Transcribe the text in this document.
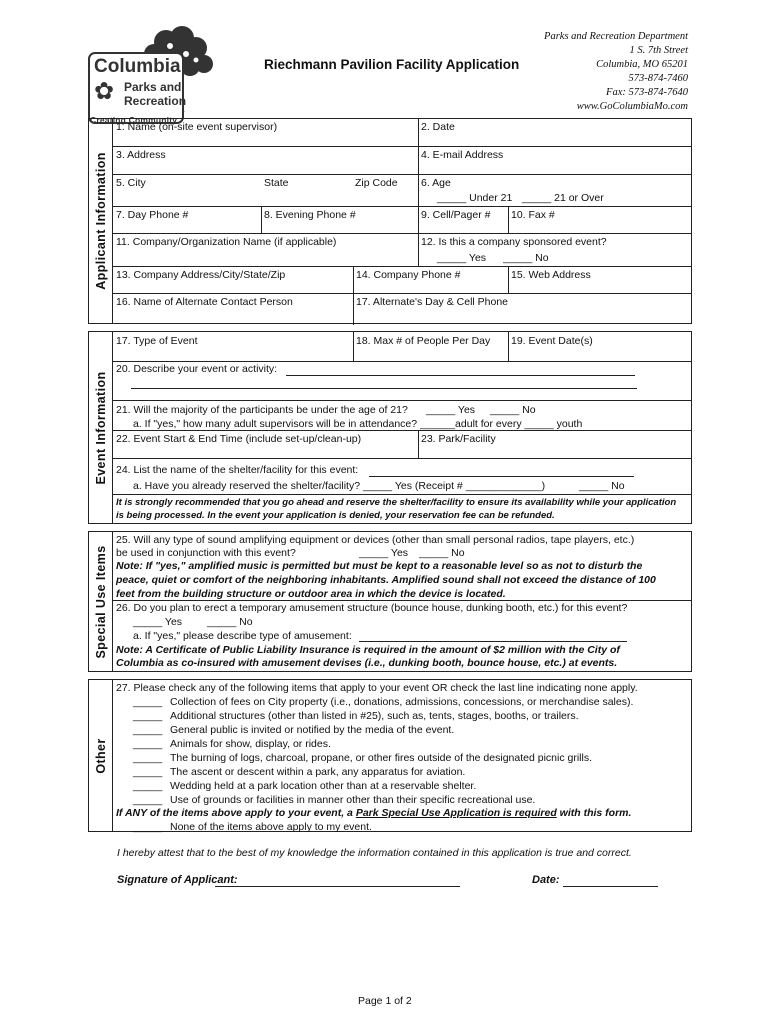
Columbia
✿ Parks and
Recreation
Creating Community
Riechmann Pavilion Facility Application
Parks and Recreation Department
1 S. 7th Street
Columbia, MO 65201
573-874-7460
Fax: 573-874-7640
www.GoColumbiaMo.com
Applicant Information
1. Name (on-site event supervisor)	2. Date
3. Address	4. E-mail Address
5. City	State	Zip Code 6. Age
_____ Under 21 _____ 21 or Over
7. Day Phone #	8. Evening Phone #	9. Cell/Pager # 10. Fax #
11. Company/Organization Name (if applicable)	12. Is this a company sponsored event?
_____ Yes _____ No
13. Company Address/City/State/Zip	14. Company Phone #	15. Web Address
16. Name of Alternate Contact Person	17. Alternate's Day & Cell Phone
Event Information
17. Type of Event	18. Max # of People Per Day 19. Event Date(s)
20. Describe your event or activity:
21. Will the majority of the participants be under the age of 21? _____ Yes _____ No
a. If "yes," how many adult supervisors will be in attendance? ______adult for every _____ youth
22. Event Start & End Time (include set-up/clean-up)	23. Park/Facility
24. List the name of the shelter/facility for this event:
a. Have you already reserved the shelter/facility? _____ Yes (Receipt # _____________)	_____ No
It is strongly recommended that you go ahead and reserve the shelter/facility to ensure its availability while your application
is being processed. In the event your application is denied, your reservation fee can be refunded.
Special Use Items
25. Will any type of sound amplifying equipment or devices (other than small personal radios, tape players, etc.)
be used in conjunction with this event?	_____ Yes _____ No
Note: If "yes," amplified music is permitted but must be kept to a reasonable level so as not to disturb the
peace, quiet or comfort of the neighboring inhabitants. Amplified sound shall not exceed the distance of 100
feet from the building structure or outdoor area in which the device is located.
26. Do you plan to erect a temporary amusement structure (bounce house, dunking booth, etc.) for this event?
_____ Yes _____ No
a. If "yes," please describe type of amusement:
Note: A Certificate of Public Liability Insurance is required in the amount of $2 million with the City of
Columbia as co-insured with amusement devises (i.e., dunking booth, bounce house, etc.) at events.
Other
27. Please check any of the following items that apply to your event OR check the last line indicating none apply.
_____ Collection of fees on City property (i.e., donations, admissions, concessions, or merchandise sales).
_____ Additional structures (other than listed in #25), such as, tents, stages, booths, or trailers.
_____ General public is invited or notified by the media of the event.
_____ Animals for show, display, or rides.
_____ The burning of logs, charcoal, propane, or other fires outside of the designated picnic grills.
_____ The ascent or descent within a park, any apparatus for aviation.
_____ Wedding held at a park location other than at a reservable shelter.
_____ Use of grounds or facilities in manner other than their specific recreational use.
If ANY of the items above apply to your event, a Park Special Use Application is required with this form.
_____ None of the items above apply to my event.
I hereby attest that to the best of my knowledge the information contained in this application is true and correct.
Signature of Applicant:	Date:
Page 1 of 2
